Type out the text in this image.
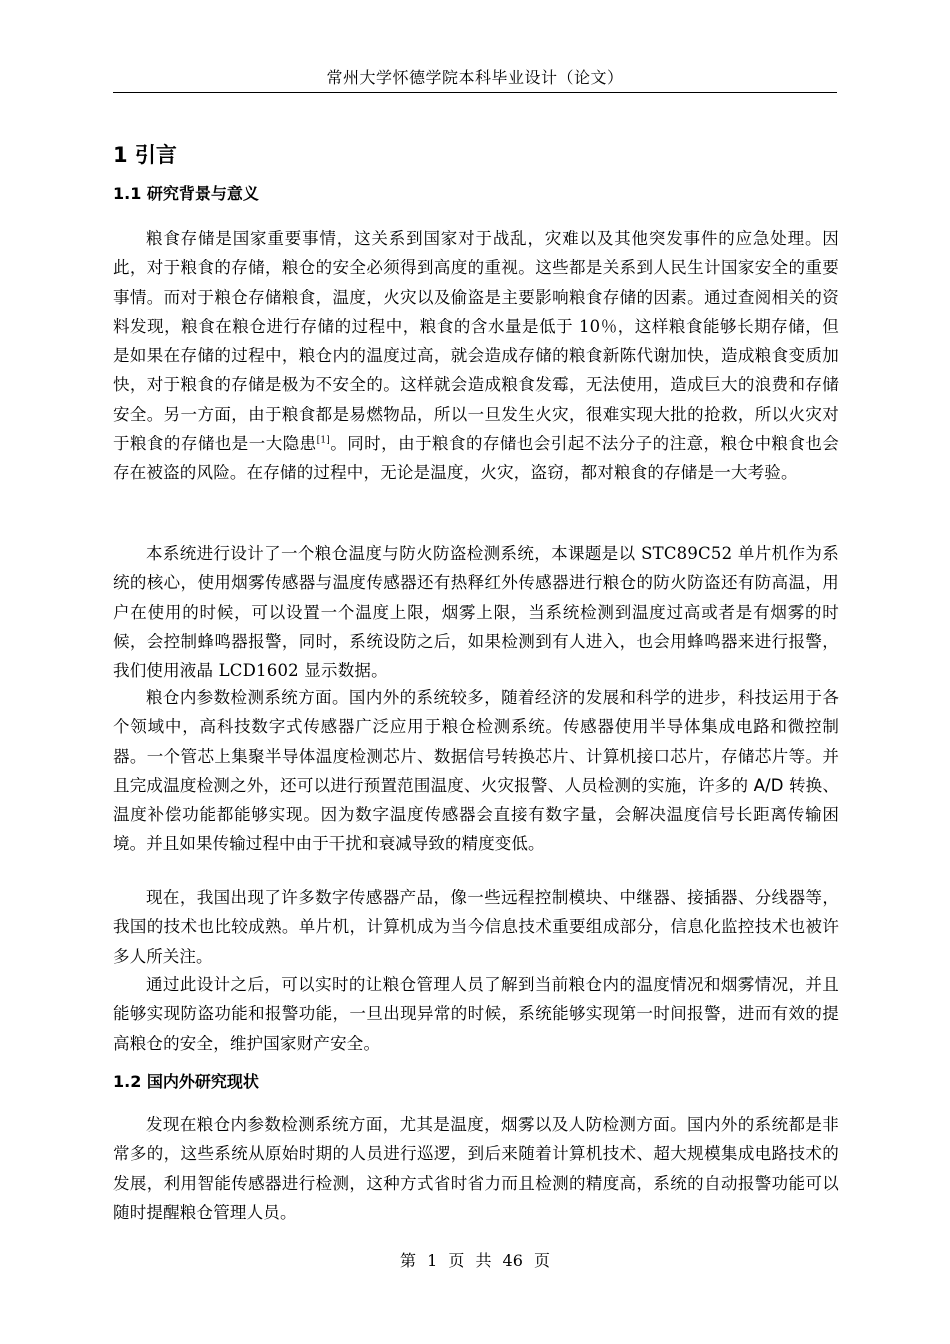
常州大学怀德学院本科毕业设计（论文）
1 引言
1.1 研究背景与意义

粮食存储是国家重要事情，这关系到国家对于战乱，灾难以及其他突发事件的应急处理。因此，对于粮食的存储，粮仓的安全必须得到高度的重视。这些都是关系到人民生计国家安全的重要事情。而对于粮仓存储粮食，温度，火灾以及偷盗是主要影响粮食存储的因素。通过查阅相关的资料发现，粮食在粮仓进行存储的过程中，粮食的含水量是低于 10％，这样粮食能够长期存储，但是如果在存储的过程中，粮仓内的温度过高，就会造成存储的粮食新陈代谢加快，造成粮食变质加快，对于粮食的存储是极为不安全的。这样就会造成粮食发霉，无法使用，造成巨大的浪费和存储安全。另一方面，由于粮食都是易燃物品，所以一旦发生火灾，很难实现大批的抢救，所以火灾对于粮食的存储也是一大隐患[1]。同时，由于粮食的存储也会引起不法分子的注意，粮仓中粮食也会存在被盗的风险。在存储的过程中，无论是温度，火灾，盗窃，都对粮食的存储是一大考验。

本系统进行设计了一个粮仓温度与防火防盗检测系统，本课题是以 STC89C52 单片机作为系统的核心，使用烟雾传感器与温度传感器还有热释红外传感器进行粮仓的防火防盗还有防高温，用户在使用的时候，可以设置一个温度上限，烟雾上限，当系统检测到温度过高或者是有烟雾的时候，会控制蜂鸣器报警，同时，系统设防之后，如果检测到有人进入，也会用蜂鸣器来进行报警，我们使用液晶 LCD1602 显示数据。

粮仓内参数检测系统方面。国内外的系统较多，随着经济的发展和科学的进步，科技运用于各个领域中，高科技数字式传感器广泛应用于粮仓检测系统。传感器使用半导体集成电路和微控制器。一个管芯上集聚半导体温度检测芯片、数据信号转换芯片、计算机接口芯片，存储芯片等。并且完成温度检测之外，还可以进行预置范围温度、火灾报警、人员检测的实施，许多的 A/D 转换、温度补偿功能都能够实现。因为数字温度传感器会直接有数字量，会解决温度信号长距离传输困境。并且如果传输过程中由于干扰和衰减导致的精度变低。

现在，我国出现了许多数字传感器产品，像一些远程控制模块、中继器、接插器、分线器等，我国的技术也比较成熟。单片机，计算机成为当今信息技术重要组成部分，信息化监控技术也被许多人所关注。

通过此设计之后，可以实时的让粮仓管理人员了解到当前粮仓内的温度情况和烟雾情况，并且能够实现防盗功能和报警功能，一旦出现异常的时候，系统能够实现第一时间报警，进而有效的提高粮仓的安全，维护国家财产安全。

1.2 国内外研究现状

发现在粮仓内参数检测系统方面，尤其是温度，烟雾以及人防检测方面。国内外的系统都是非常多的，这些系统从原始时期的人员进行巡逻，到后来随着计算机技术、超大规模集成电路技术的发展，利用智能传感器进行检测，这种方式省时省力而且检测的精度高，系统的自动报警功能可以随时提醒粮仓管理人员。

第 1 页 共 46 页
